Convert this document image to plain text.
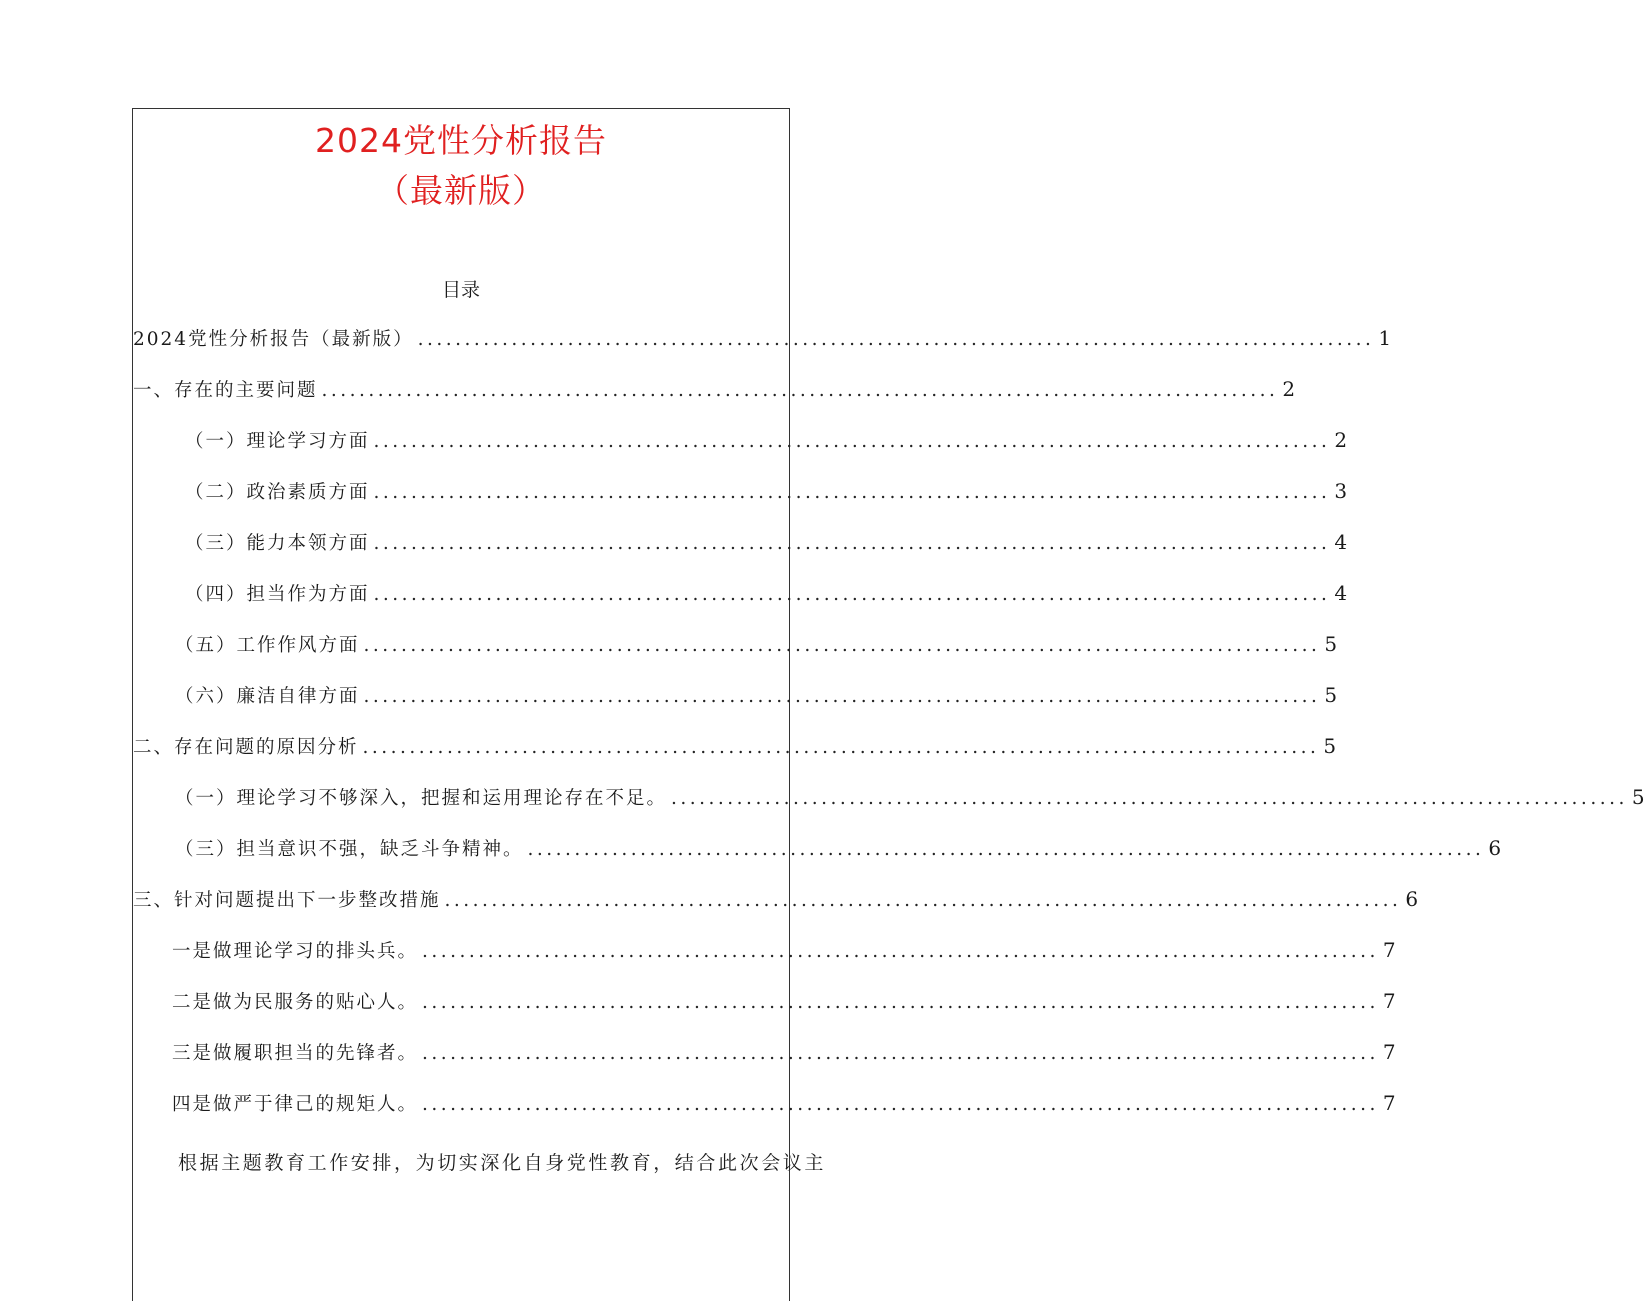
2024党性分析报告
（最新版）
目录
2024党性分析报告（最新版） ...................................................................................................... 1
一、存在的主要问题 ...................................................................................................... 2
（一）理论学习方面 ...................................................................................................... 2
（二）政治素质方面 ...................................................................................................... 3
（三）能力本领方面 ...................................................................................................... 4
（四）担当作为方面 ...................................................................................................... 4
（五）工作作风方面 ...................................................................................................... 5
（六）廉洁自律方面 ...................................................................................................... 5
二、存在问题的原因分析 ...................................................................................................... 5
（一）理论学习不够深入，把握和运用理论存在不足。 ...................................................................................................... 5
（三）担当意识不强，缺乏斗争精神。 ...................................................................................................... 6
三、针对问题提出下一步整改措施 ...................................................................................................... 6
一是做理论学习的排头兵。 ...................................................................................................... 7
二是做为民服务的贴心人。 ...................................................................................................... 7
三是做履职担当的先锋者。 ...................................................................................................... 7
四是做严于律己的规矩人。 ...................................................................................................... 7
根据主题教育工作安排，为切实深化自身党性教育，结合此次会议主
